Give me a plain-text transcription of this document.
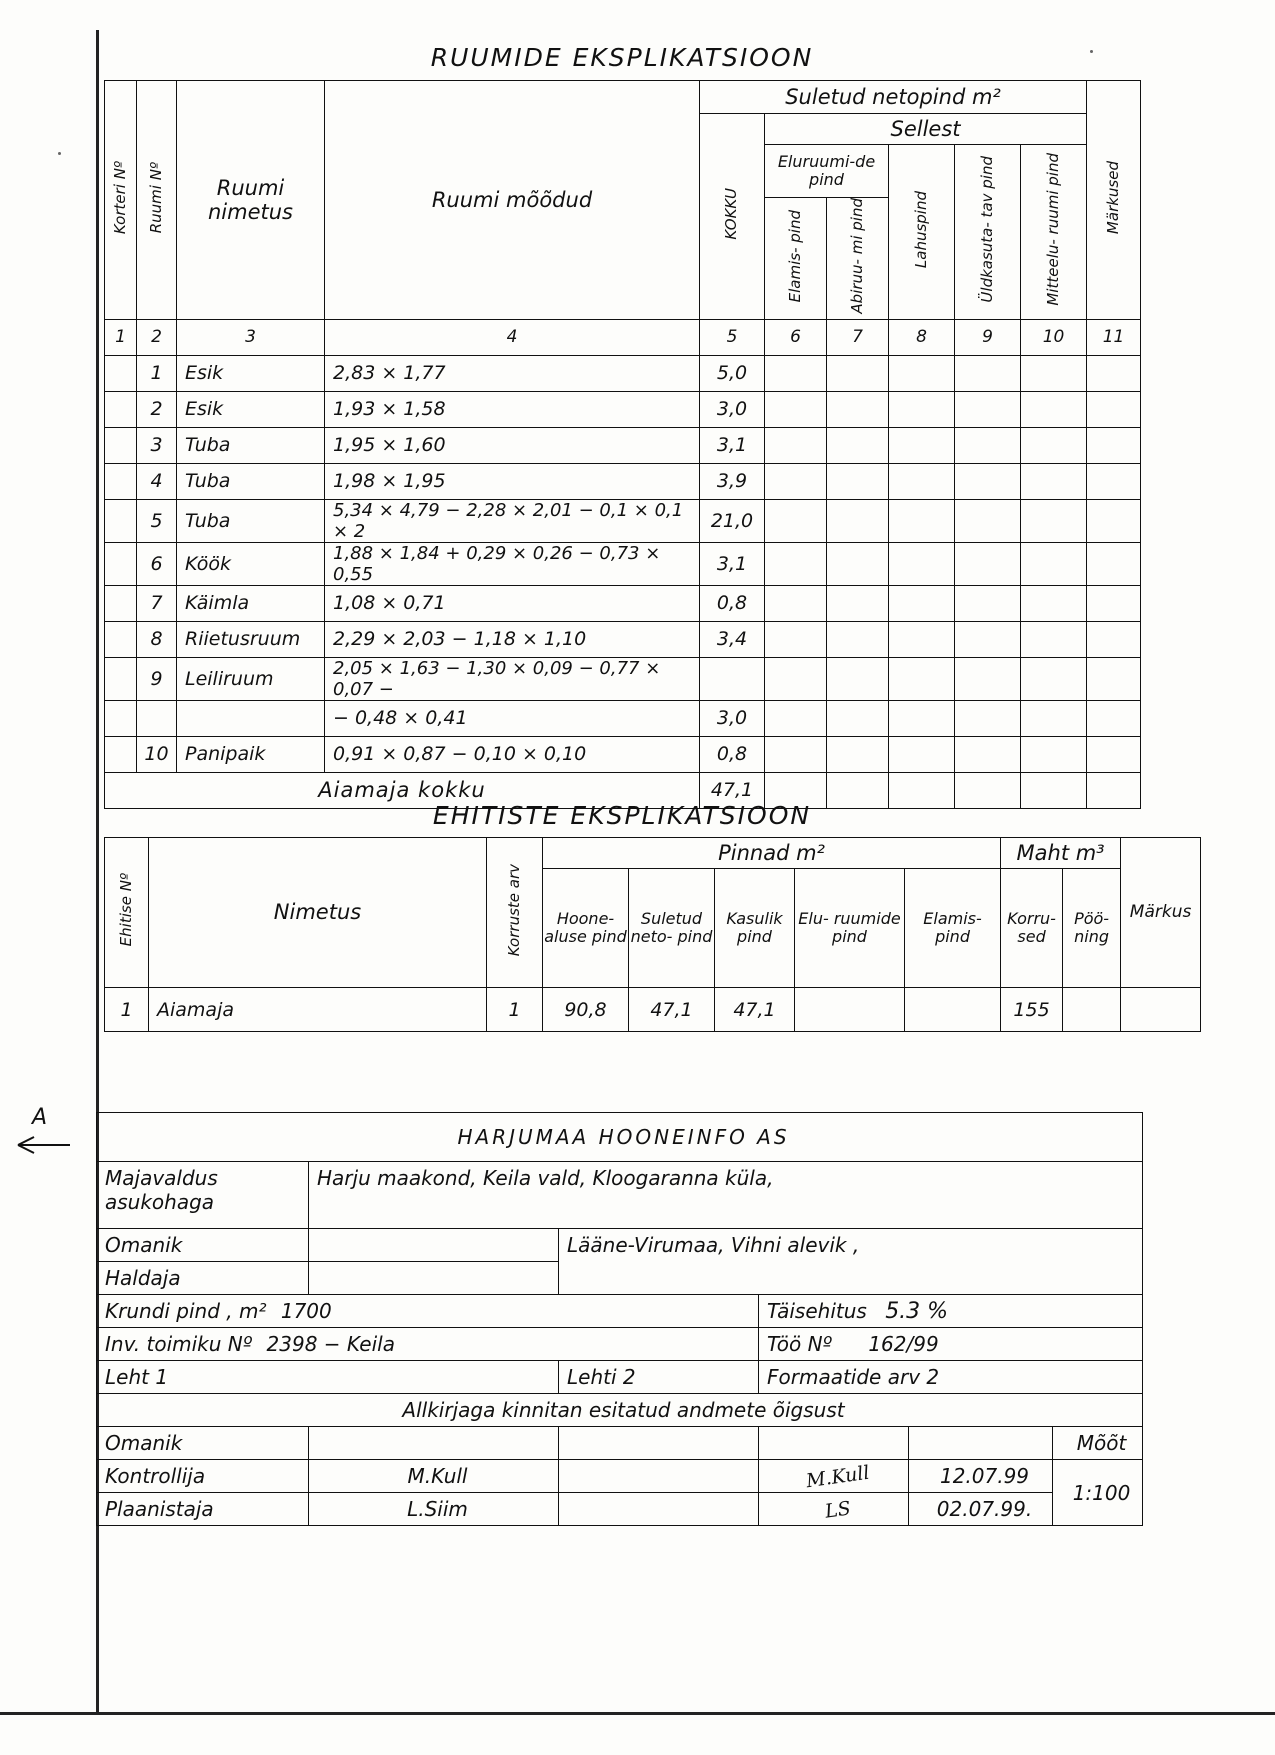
RUUMIDE EKSPLIKATSIOON
Korteri Nº	Ruumi Nº	Ruumi nimetus	Ruumi mõõdud	Suletud netopind m²						Märkused
				KOKKU	Sellest					
					Eluruumi-de pind		Lahuspind	Üldkasuta- tav pind	Mitteelu- ruumi pind	
					Elamis- pind	Abiruu- mi pind				
1	2	3	4	5	6	7	8	9	10	11
	1	Esik	2,83 × 1,77	5,0						
	2	Esik	1,93 × 1,58	3,0						
	3	Tuba	1,95 × 1,60	3,1						
	4	Tuba	1,98 × 1,95	3,9						
	5	Tuba	5,34 × 4,79 − 2,28 × 2,01 − 0,1 × 0,1 × 2	21,0						
	6	Köök	1,88 × 1,84 + 0,29 × 0,26 − 0,73 × 0,55	3,1						
	7	Käimla	1,08 × 0,71	0,8						
	8	Riietusruum	2,29 × 2,03 − 1,18 × 1,10	3,4						
	9	Leiliruum	2,05 × 1,63 − 1,30 × 0,09 − 0,77 × 0,07 −							
			− 0,48 × 0,41	3,0						
	10	Panipaik	0,91 × 0,87 − 0,10 × 0,10	0,8						
Aiamaja kokku				47,1						
EHITISTE EKSPLIKATSIOON
Ehitise Nº	Nimetus	Korruste arv	Pinnad m²					Maht m³		Märkus
			Hoone- aluse pind	Suletud neto- pind	Kasulik pind	Elu- ruumide pind	Elamis- pind	Korru- sed	Pöö- ning	
1	Aiamaja	1	90,8	47,1	47,1			155		
A
HARJUMAA HOONEINFO AS					
Majavaldus asukohaga	Harju maakond, Keila vald, Kloogaranna küla,				
Omanik		Lääne-Virumaa, Vihni alevik ,			
Haldaja					
Krundi pind , m² 1700			Täisehitus 5.3 %		
Inv. toimiku Nº 2398 − Keila			Töö Nº 162/99		
Leht 1		Lehti 2	Formaatide arv 2		
Allkirjaga kinnitan esitatud andmete õigsust					
Omanik					Mõõt
Kontrollija	M.Kull		M.Kull	12.07.99	1:100
Plaanistaja	L.Siim		LS	02.07.99.	
